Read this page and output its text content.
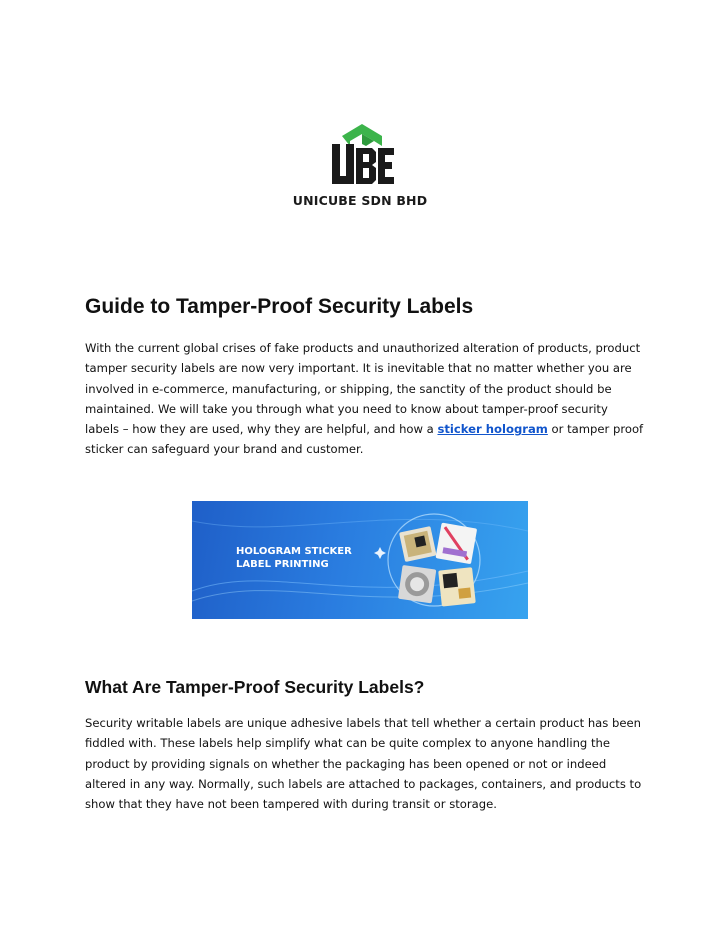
UNICUBE SDN BHD
Guide to Tamper-Proof Security Labels

With the current global crises of fake products and unauthorized alteration of products, product
tamper security labels are now very important. It is inevitable that no matter whether you are
involved in e-commerce, manufacturing, or shipping, the sanctity of the product should be
maintained. We will take you through what you need to know about tamper-proof security
labels – how they are used, why they are helpful, and how a sticker hologram or tamper proof
sticker can safeguard your brand and customer.

HOLOGRAM STICKER
LABEL PRINTING
What Are Tamper-Proof Security Labels?

Security writable labels are unique adhesive labels that tell whether a certain product has been
fiddled with. These labels help simplify what can be quite complex to anyone handling the
product by providing signals on whether the packaging has been opened or not or indeed
altered in any way. Normally, such labels are attached to packages, containers, and products to
show that they have not been tampered with during transit or storage.
